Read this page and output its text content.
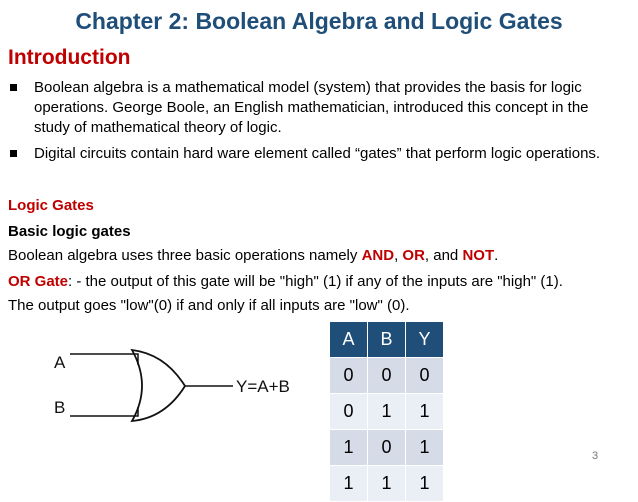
Chapter 2: Boolean Algebra and Logic Gates
Introduction
Boolean algebra is a mathematical model (system) that provides the basis for logic operations. George Boole, an English mathematician, introduced this concept in the study of mathematical theory of logic.
Digital circuits contain hard ware element called “gates” that perform logic operations.
Logic Gates
Basic logic gates
Boolean algebra uses three basic operations namely AND, OR, and NOT.
OR Gate: - the output of this gate will be "high" (1) if any of the inputs are "high" (1).
The output goes "low"(0) if and only if all inputs are "low" (0).
A
B
Y=A+B
A	B	Y
0	0	0
0	1	1
1	0	1
1	1	1
3
